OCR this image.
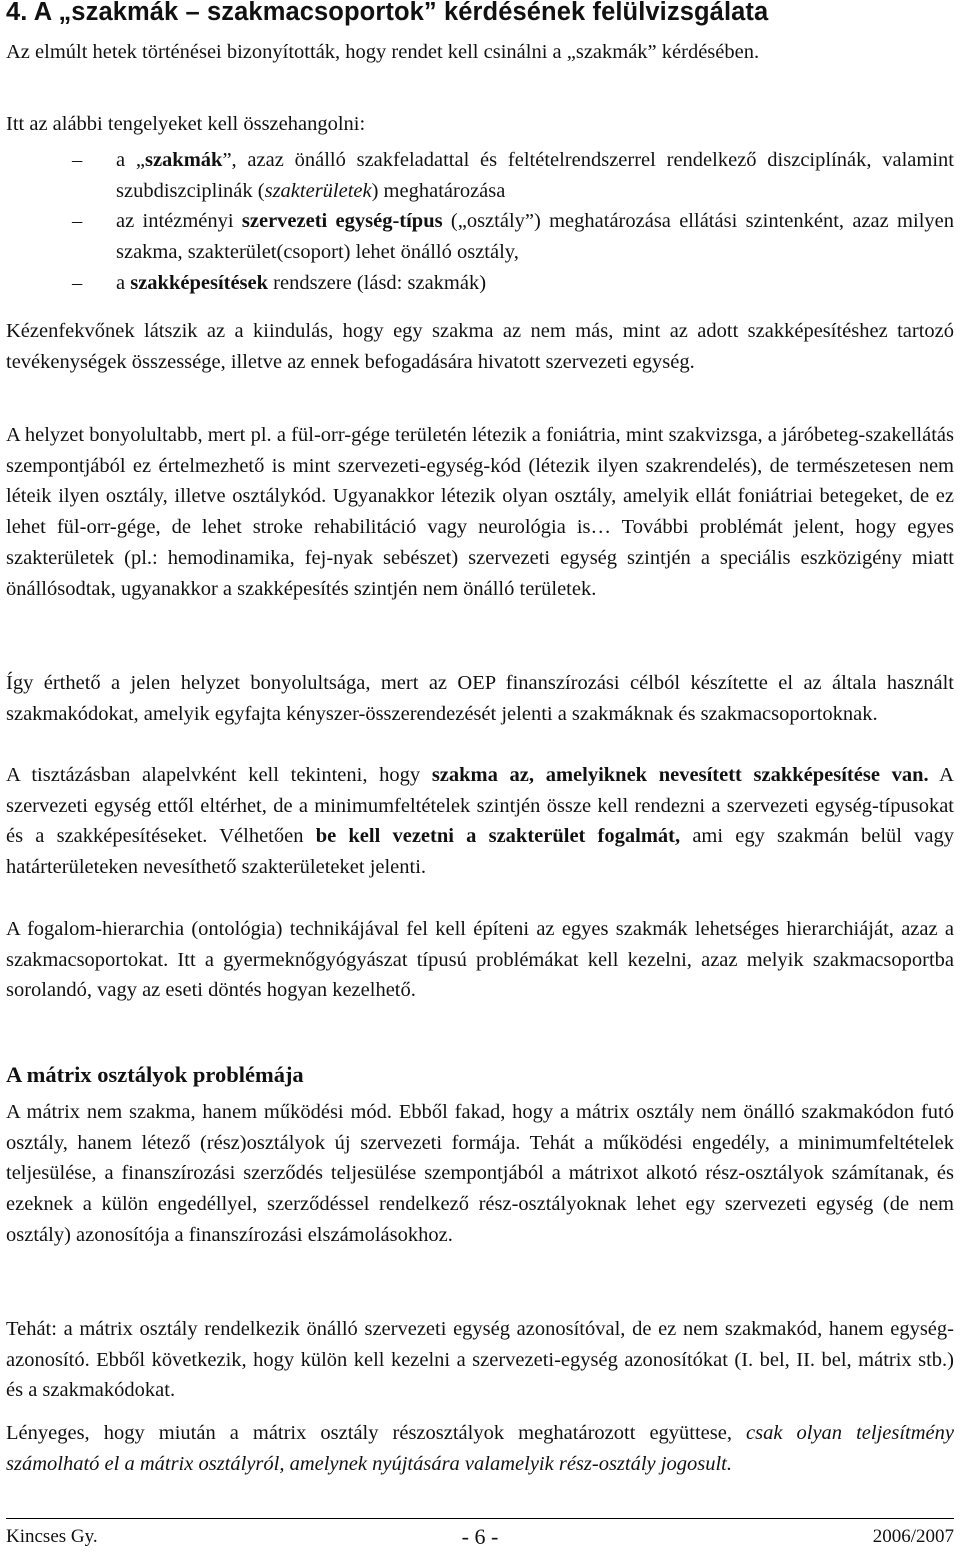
4. A „szakmák – szakmacsoportok” kérdésének felülvizsgálata

Az elmúlt hetek történései bizonyították, hogy rendet kell csinálni a „szakmák” kérdésében.

Itt az alábbi tengelyeket kell összehangolni:

– a „szakmák”, azaz önálló szakfeladattal és feltételrendszerrel rendelkező diszciplínák, valamint szubdiszciplinák (szakterületek) meghatározása
– az intézményi szervezeti egység-típus („osztály”) meghatározása ellátási szintenként, azaz milyen szakma, szakterület(csoport) lehet önálló osztály,
– a szakképesítések rendszere (lásd: szakmák)

Kézenfekvőnek látszik az a kiindulás, hogy egy szakma az nem más, mint az adott szakképesítéshez tartozó tevékenységek összessége, illetve az ennek befogadására hivatott szervezeti egység.

A helyzet bonyolultabb, mert pl. a fül-orr-gége területén létezik a foniátria, mint szakvizsga, a járóbeteg-szakellátás szempontjából ez értelmezhető is mint szervezeti-egység-kód (létezik ilyen szakrendelés), de természetesen nem léteik ilyen osztály, illetve osztálykód. Ugyanakkor létezik olyan osztály, amelyik ellát foniátriai betegeket, de ez lehet fül-orr-gége, de lehet stroke rehabilitáció vagy neurológia is… További problémát jelent, hogy egyes szakterületek (pl.: hemodinamika, fej-nyak sebészet) szervezeti egység szintjén a speciális eszközigény miatt önállósodtak, ugyanakkor a szakképesítés szintjén nem önálló területek.

Így érthető a jelen helyzet bonyolultsága, mert az OEP finanszírozási célból készítette el az általa használt szakmakódokat, amelyik egyfajta kényszer-összerendezését jelenti a szakmáknak és szakmacsoportoknak.

A tisztázásban alapelvként kell tekinteni, hogy szakma az, amelyiknek nevesített szakképesítése van. A szervezeti egység ettől eltérhet, de a minimumfeltételek szintjén össze kell rendezni a szervezeti egység-típusokat és a szakképesítéseket. Vélhetően be kell vezetni a szakterület fogalmát, ami egy szakmán belül vagy határterületeken nevesíthető szakterületeket jelenti.

A fogalom-hierarchia (ontológia) technikájával fel kell építeni az egyes szakmák lehetséges hierarchiáját, azaz a szakmacsoportokat. Itt a gyermeknőgyógyászat típusú problémákat kell kezelni, azaz melyik szakmacsoportba sorolandó, vagy az eseti döntés hogyan kezelhető.

A mátrix osztályok problémája

A mátrix nem szakma, hanem működési mód. Ebből fakad, hogy a mátrix osztály nem önálló szakmakódon futó osztály, hanem létező (rész)osztályok új szervezeti formája. Tehát a működési engedély, a minimumfeltételek teljesülése, a finanszírozási szerződés teljesülése szempontjából a mátrixot alkotó rész-osztályok számítanak, és ezeknek a külön engedéllyel, szerződéssel rendelkező rész-osztályoknak lehet egy szervezeti egység (de nem osztály) azonosítója a finanszírozási elszámolásokhoz.

Tehát: a mátrix osztály rendelkezik önálló szervezeti egység azonosítóval, de ez nem szakmakód, hanem egység-azonosító. Ebből következik, hogy külön kell kezelni a szervezeti-egység azonosítókat (I. bel, II. bel, mátrix stb.) és a szakmakódokat.

Lényeges, hogy miután a mátrix osztály részosztályok meghatározott együttese, csak olyan teljesítmény számolható el a mátrix osztályról, amelynek nyújtására valamelyik rész-osztály jogosult.

Kincses Gy.	- 6 -	2006/2007
